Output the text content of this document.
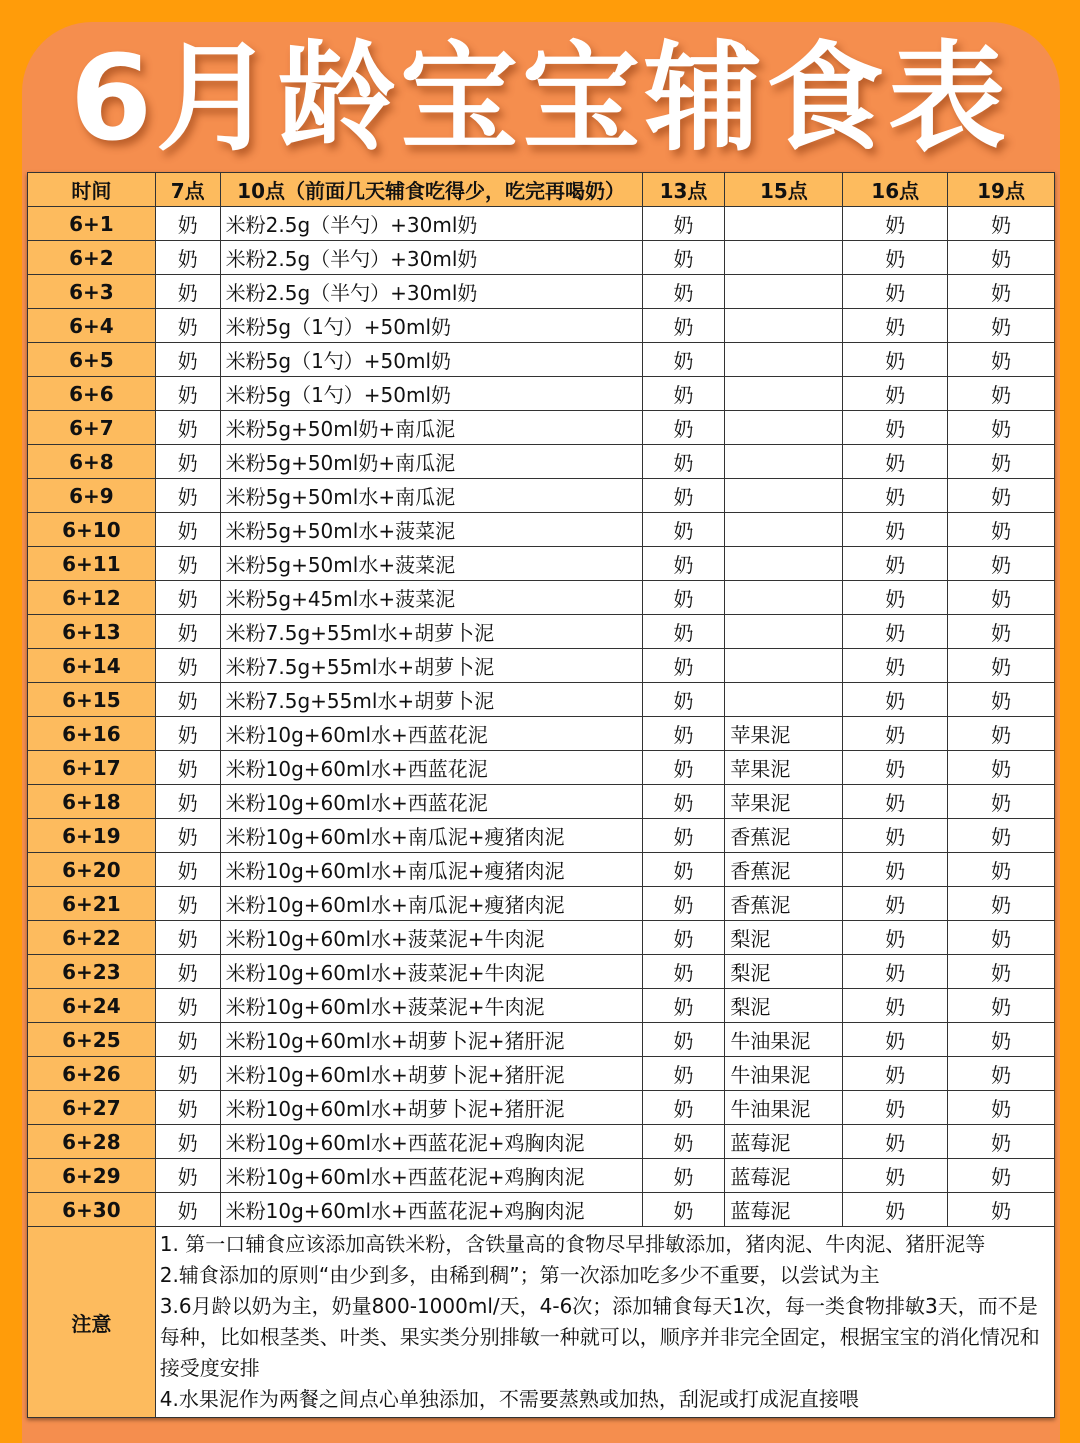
6月龄宝宝辅食表
时间	7点	10点（前面几天辅食吃得少，吃完再喝奶）	13点	15点	16点	19点
6+1	奶	米粉2.5g（半勺）+30ml奶	奶		奶	奶
6+2	奶	米粉2.5g（半勺）+30ml奶	奶		奶	奶
6+3	奶	米粉2.5g（半勺）+30ml奶	奶		奶	奶
6+4	奶	米粉5g（1勺）+50ml奶	奶		奶	奶
6+5	奶	米粉5g（1勺）+50ml奶	奶		奶	奶
6+6	奶	米粉5g（1勺）+50ml奶	奶		奶	奶
6+7	奶	米粉5g+50ml奶+南瓜泥	奶		奶	奶
6+8	奶	米粉5g+50ml奶+南瓜泥	奶		奶	奶
6+9	奶	米粉5g+50ml水+南瓜泥	奶		奶	奶
6+10	奶	米粉5g+50ml水+菠菜泥	奶		奶	奶
6+11	奶	米粉5g+50ml水+菠菜泥	奶		奶	奶
6+12	奶	米粉5g+45ml水+菠菜泥	奶		奶	奶
6+13	奶	米粉7.5g+55ml水+胡萝卜泥	奶		奶	奶
6+14	奶	米粉7.5g+55ml水+胡萝卜泥	奶		奶	奶
6+15	奶	米粉7.5g+55ml水+胡萝卜泥	奶		奶	奶
6+16	奶	米粉10g+60ml水+西蓝花泥	奶	苹果泥	奶	奶
6+17	奶	米粉10g+60ml水+西蓝花泥	奶	苹果泥	奶	奶
6+18	奶	米粉10g+60ml水+西蓝花泥	奶	苹果泥	奶	奶
6+19	奶	米粉10g+60ml水+南瓜泥+瘦猪肉泥	奶	香蕉泥	奶	奶
6+20	奶	米粉10g+60ml水+南瓜泥+瘦猪肉泥	奶	香蕉泥	奶	奶
6+21	奶	米粉10g+60ml水+南瓜泥+瘦猪肉泥	奶	香蕉泥	奶	奶
6+22	奶	米粉10g+60ml水+菠菜泥+牛肉泥	奶	梨泥	奶	奶
6+23	奶	米粉10g+60ml水+菠菜泥+牛肉泥	奶	梨泥	奶	奶
6+24	奶	米粉10g+60ml水+菠菜泥+牛肉泥	奶	梨泥	奶	奶
6+25	奶	米粉10g+60ml水+胡萝卜泥+猪肝泥	奶	牛油果泥	奶	奶
6+26	奶	米粉10g+60ml水+胡萝卜泥+猪肝泥	奶	牛油果泥	奶	奶
6+27	奶	米粉10g+60ml水+胡萝卜泥+猪肝泥	奶	牛油果泥	奶	奶
6+28	奶	米粉10g+60ml水+西蓝花泥+鸡胸肉泥	奶	蓝莓泥	奶	奶
6+29	奶	米粉10g+60ml水+西蓝花泥+鸡胸肉泥	奶	蓝莓泥	奶	奶
6+30	奶	米粉10g+60ml水+西蓝花泥+鸡胸肉泥	奶	蓝莓泥	奶	奶
注意	1. 第一口辅食应该添加高铁米粉，含铁量高的食物尽早排敏添加，猪肉泥、牛肉泥、猪肝泥等
2.辅食添加的原则“由少到多，由稀到稠”；第一次添加吃多少不重要，以尝试为主
3.6月龄以奶为主，奶量800-1000ml/天，4-6次；添加辅食每天1次，每一类食物排敏3天，而不是每种，比如根茎类、叶类、果实类分别排敏一种就可以，顺序并非完全固定，根据宝宝的消化情况和接受度安排
4.水果泥作为两餐之间点心单独添加，不需要蒸熟或加热，刮泥或打成泥直接喂					
